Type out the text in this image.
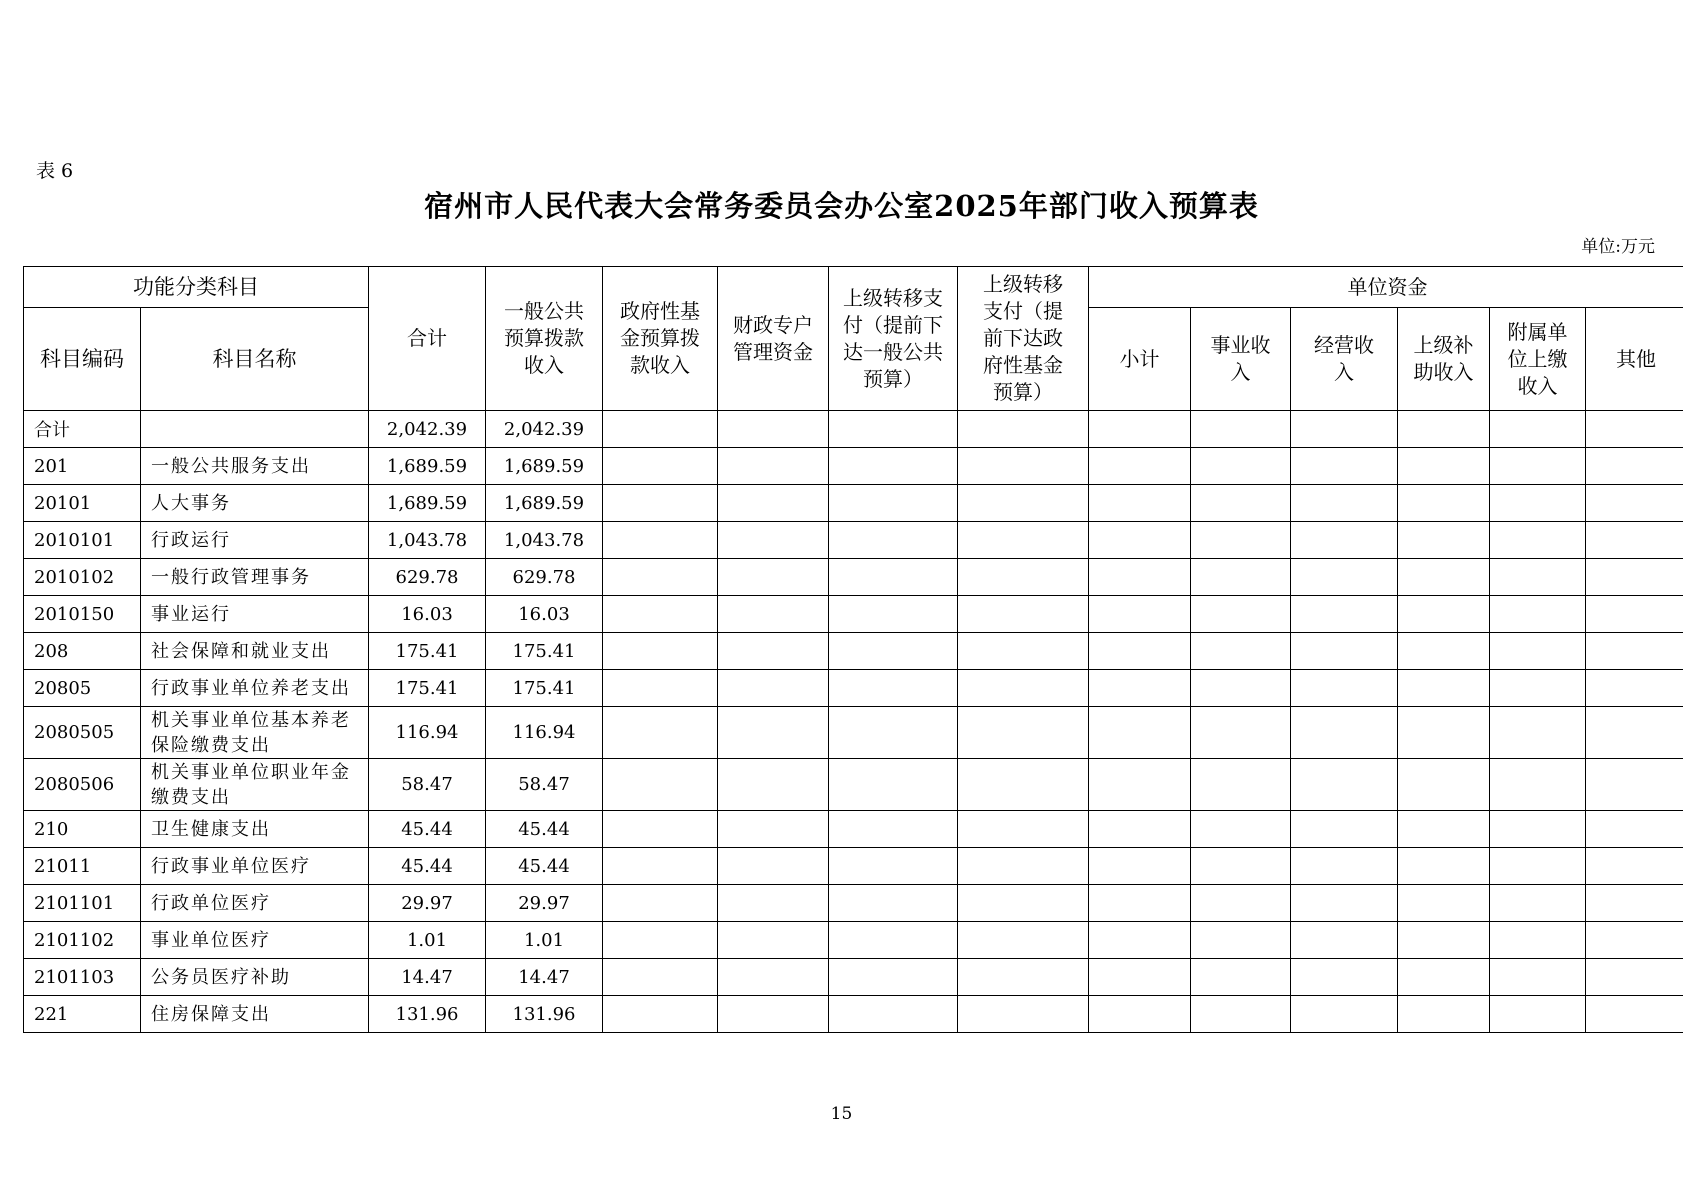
表 6
宿州市人民代表大会常务委员会办公室2025年部门收入预算表
单位:万元
功能分类科目		合计	一般公共预算拨款收入	政府性基金预算拨款收入	财政专户管理资金	上级转移支付（提前下达一般公共预算）	上级转移支付（提前下达政府性基金预算）	单位资金					
科目编码	科目名称							小计	事业收入	经营收入	上级补助收入	附属单位上缴收入	其他
合计		2,042.39	2,042.39										
201	一般公共服务支出	1,689.59	1,689.59										
20101	人大事务	1,689.59	1,689.59										
2010101	行政运行	1,043.78	1,043.78										
2010102	一般行政管理事务	629.78	629.78										
2010150	事业运行	16.03	16.03										
208	社会保障和就业支出	175.41	175.41										
20805	行政事业单位养老支出	175.41	175.41										
2080505	机关事业单位基本养老保险缴费支出	116.94	116.94										
2080506	机关事业单位职业年金缴费支出	58.47	58.47										
210	卫生健康支出	45.44	45.44										
21011	行政事业单位医疗	45.44	45.44										
2101101	行政单位医疗	29.97	29.97										
2101102	事业单位医疗	1.01	1.01										
2101103	公务员医疗补助	14.47	14.47										
221	住房保障支出	131.96	131.96										
15
